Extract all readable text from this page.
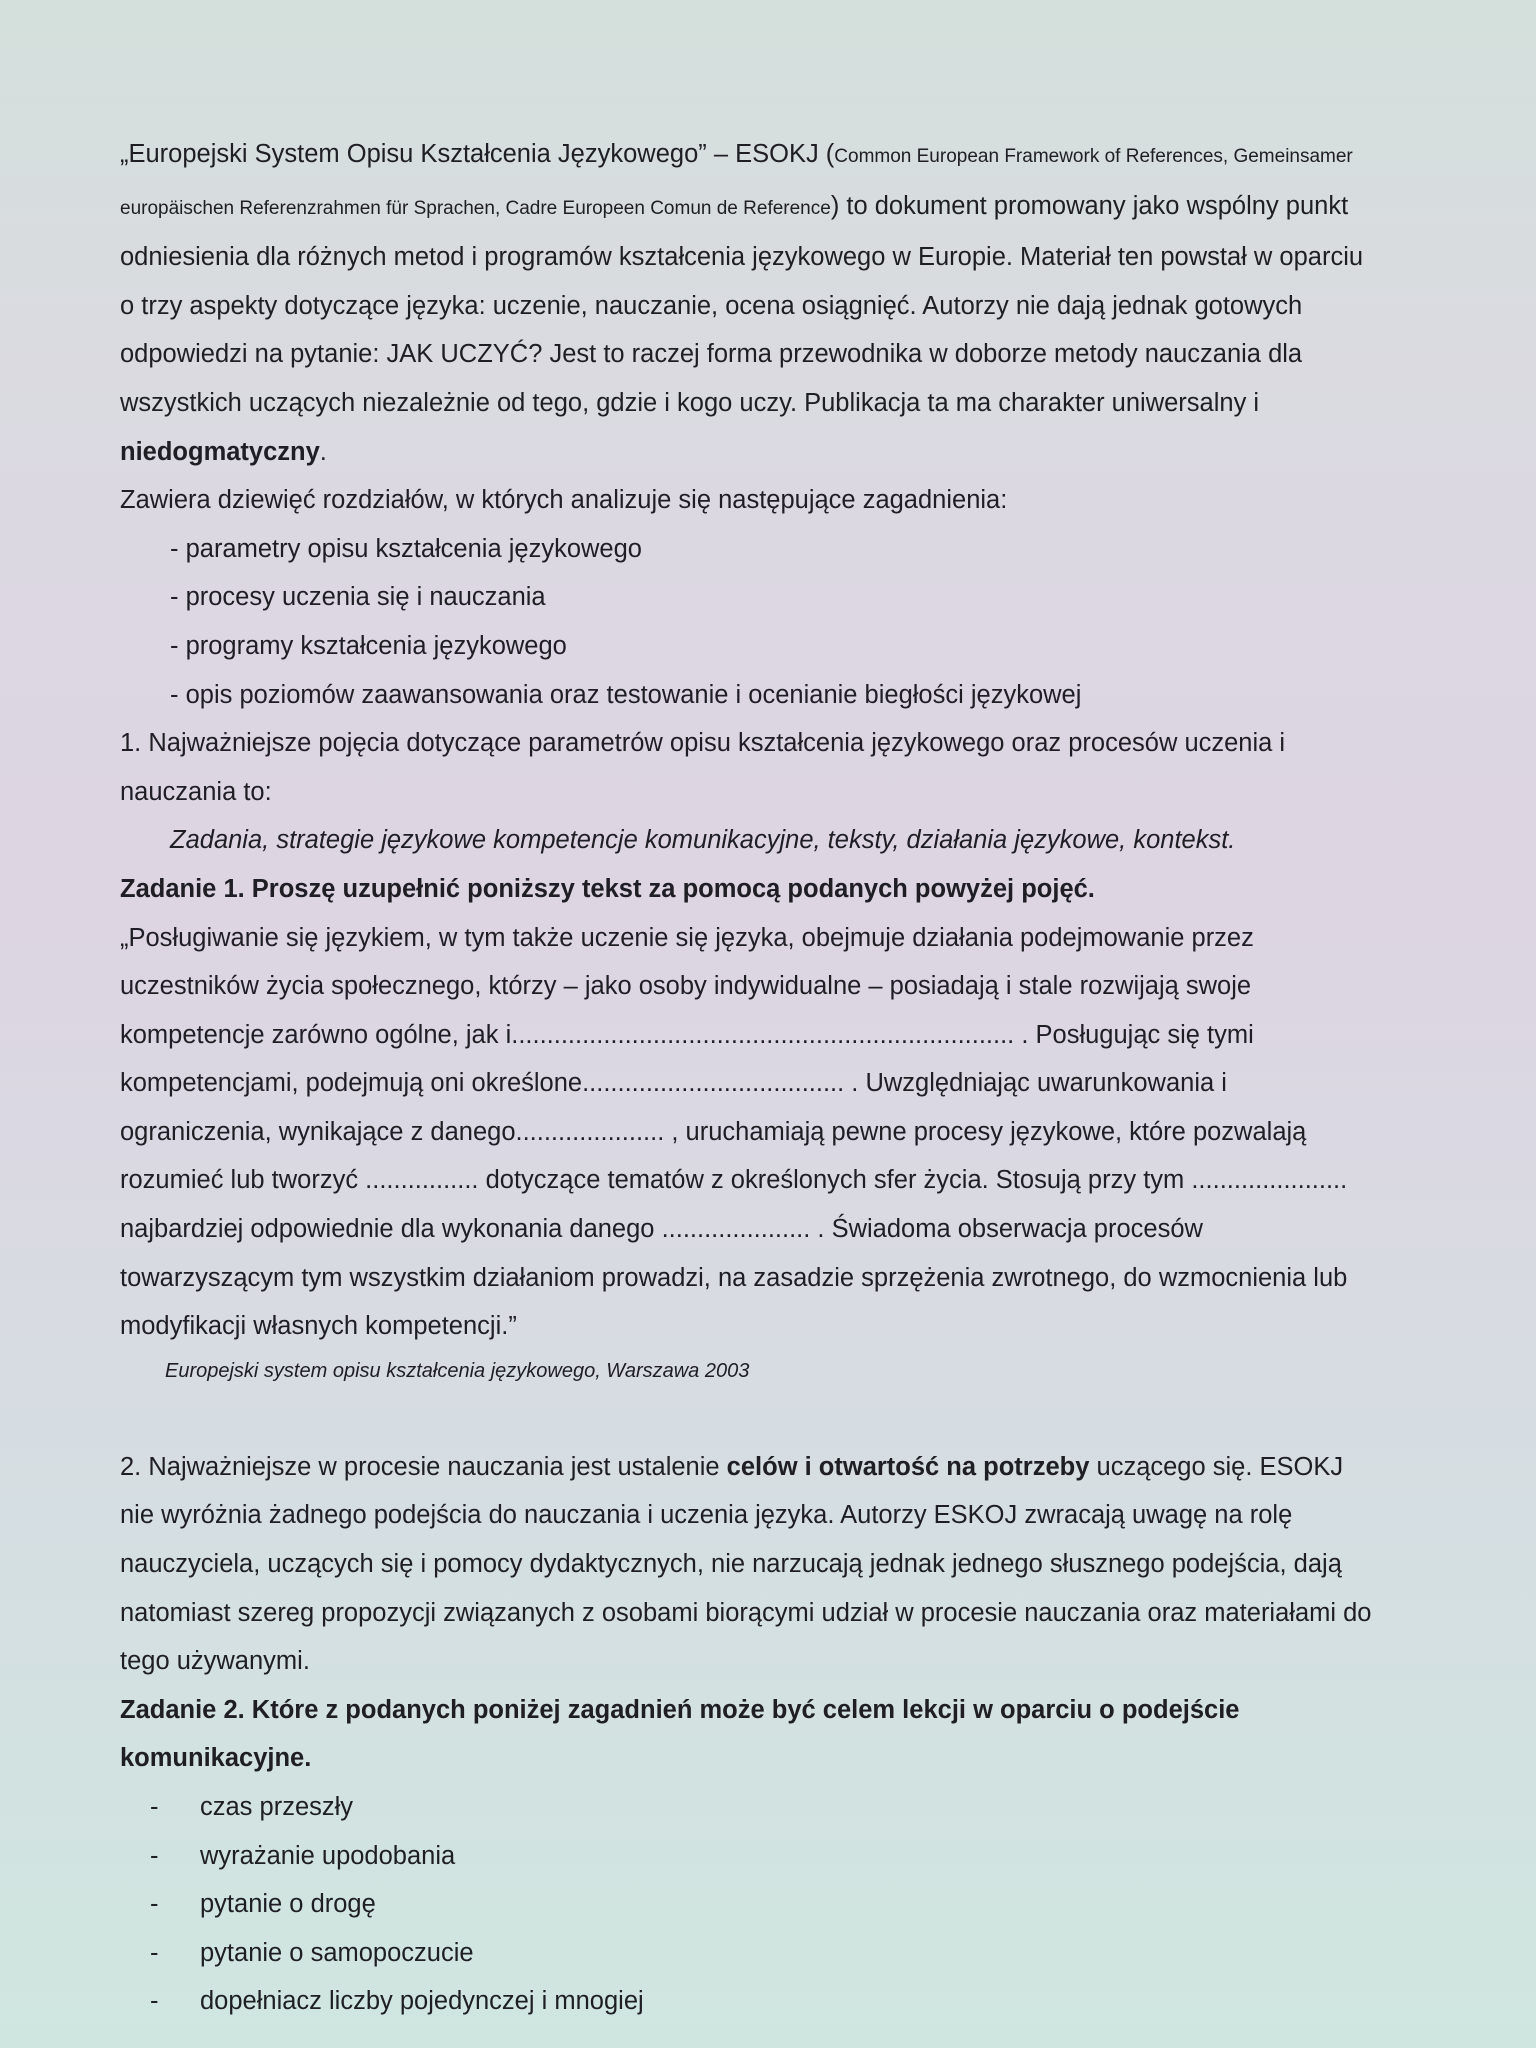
„Europejski System Opisu Kształcenia Językowego” – ESOKJ (Common European Framework of References, Gemeinsamer europäischen Referenzrahmen für Sprachen, Cadre Europeen Comun de Reference) to dokument promowany jako wspólny punkt odniesienia dla różnych metod i programów kształcenia językowego w Europie. Materiał ten powstał w oparciu o trzy aspekty dotyczące języka: uczenie, nauczanie, ocena osiągnięć. Autorzy nie dają jednak gotowych odpowiedzi na pytanie: JAK UCZYĆ? Jest to raczej forma przewodnika w doborze metody nauczania dla wszystkich uczących niezależnie od tego, gdzie i kogo uczy. Publikacja ta ma charakter uniwersalny i niedogmatyczny.

Zawiera dziewięć rozdziałów, w których analizuje się następujące zagadnienia:

- parametry opisu kształcenia językowego
- procesy uczenia się i nauczania
- programy kształcenia językowego
- opis poziomów zaawansowania oraz testowanie i ocenianie biegłości językowej

1. Najważniejsze pojęcia dotyczące parametrów opisu kształcenia językowego oraz procesów uczenia i nauczania to:

Zadania, strategie językowe kompetencje komunikacyjne, teksty, działania językowe, kontekst.

Zadanie 1. Proszę uzupełnić poniższy tekst za pomocą podanych powyżej pojęć.

„Posługiwanie się językiem, w tym także uczenie się języka, obejmuje działania podejmowanie przez uczestników życia społecznego, którzy – jako osoby indywidualne – posiadają i stale rozwijają swoje kompetencje zarówno ogólne, jak i....................................................................... . Posługując się tymi kompetencjami, podejmują oni określone..................................... . Uwzględniając uwarunkowania i ograniczenia, wynikające z danego..................... , uruchamiają pewne procesy językowe, które pozwalają rozumieć lub tworzyć ................ dotyczące tematów z określonych sfer życia. Stosują przy tym ...................... najbardziej odpowiednie dla wykonania danego ..................... . Świadoma obserwacja procesów towarzyszącym tym wszystkim działaniom prowadzi, na zasadzie sprzężenia zwrotnego, do wzmocnienia lub modyfikacji własnych kompetencji.”

Europejski system opisu kształcenia językowego, Warszawa 2003

2. Najważniejsze w procesie nauczania jest ustalenie celów i otwartość na potrzeby uczącego się. ESOKJ nie wyróżnia żadnego podejścia do nauczania i uczenia języka. Autorzy ESKOJ zwracają uwagę na rolę nauczyciela, uczących się i pomocy dydaktycznych, nie narzucają jednak jednego słusznego podejścia, dają natomiast szereg propozycji związanych z osobami biorącymi udział w procesie nauczania oraz materiałami do tego używanymi.

Zadanie 2. Które z podanych poniżej zagadnień może być celem lekcji w oparciu o podejście komunikacyjne.

-	czas przeszły
-	wyrażanie upodobania
-	pytanie o drogę
-	pytanie o samopoczucie
-	dopełniacz liczby pojedynczej i mnogiej
